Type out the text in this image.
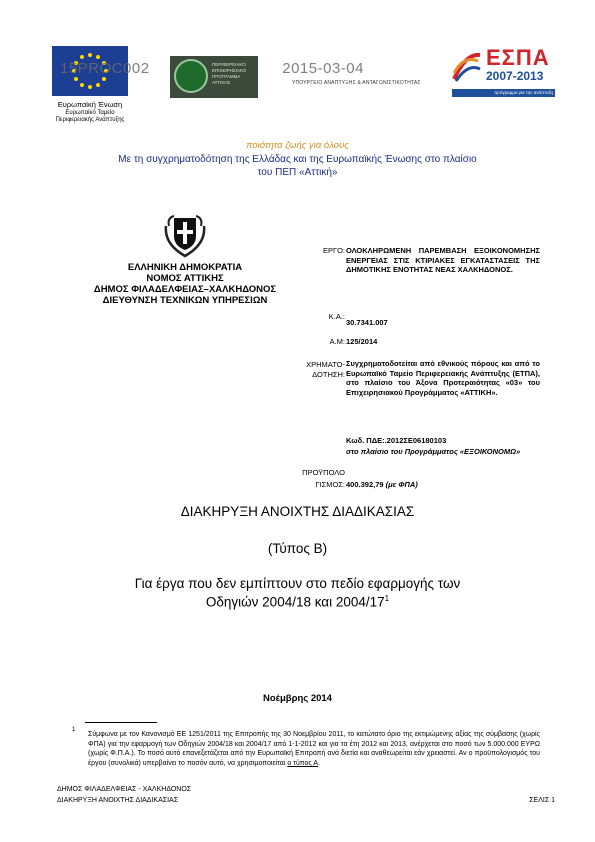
Ευρωπαϊκή Ένωση
Ευρωπαϊκό Ταμείο
Περιφερειακής Ανάπτυξης
ΠΕΡΙΦΕΡΕΙΑΚΟ ΕΠΙΧΕΙΡΗΣΙΑΚΟ ΠΡΟΓΡΑΜΜΑ ΑΤΤΙΚΗΣ	ΥΠΟΥΡΓΕΙΟ ΑΝΑΠΤΥΞΗΣ & ΑΝΤΑΓΩΝΙΣΤΙΚΟΤΗΤΑΣ
15PROC002	2015-03-04	ΕΣΠΑ
2007-2013
πρόγραμμα για την ανάπτυξη
ποιότητα ζωής για όλους
Με τη συγχρηματοδότηση της Ελλάδας και της Ευρωπαϊκής Ένωσης στο πλαίσιο
του ΠΕΠ «Αττική»
ΕΛΛΗΝΙΚΗ ΔΗΜΟΚΡΑΤΙΑ
ΝΟΜΟΣ ΑΤΤΙΚΗΣ
ΔΗΜΟΣ ΦΙΛΑΔΕΛΦΕΙΑΣ–ΧΑΛΚΗΔΟΝΟΣ
ΔΙΕΥΘΥΝΣΗ ΤΕΧΝΙΚΩΝ ΥΠΗΡΕΣΙΩΝ
ΕΡΓΟ: ΟΛΟΚΛΗΡΩΜΕΝΗ ΠΑΡΕΜΒΑΣΗ ΕΞΟΙΚΟΝΟΜΗΣΗΣ ΕΝΕΡΓΕΙΑΣ ΣΤΙΣ ΚΤΙΡΙΑΚΕΣ ΕΓΚΑΤΑΣΤΑΣΕΙΣ ΤΗΣ ΔΗΜΟΤΙΚΗΣ ΕΝΟΤΗΤΑΣ ΝΕΑΣ ΧΑΛΚΗΔΟΝΟΣ.
Κ.Α.:
30.7341.007
Α.Μ: 125/2014
ΧΡΗΜΑΤΟ-
ΔΟΤΗΣΗ:
Συγχρηματοδοτείται από εθνικούς πόρους και από το Ευρωπαϊκό Ταμείο Περιφερειακής Ανάπτυξης (ΕΤΠΑ), στο πλαίσιο του Άξονα Προτεραιότητας «03» του Επιχειρησιακού Προγράμματος «ΑΤΤΙΚΗ».
Κωδ. ΠΔΕ:.2012ΣΕ06180103
στο πλαίσιο του Προγράμματος «ΕΞΟΙΚΟΝΟΜΩ»
ΠΡΟΫΠΟΛΟ
ΓΙΣΜΟΣ: 400.392,79 (με ΦΠΑ)
ΔΙΑΚΗΡΥΞΗ ΑΝΟΙΧΤΗΣ ΔΙΑΔΙΚΑΣΙΑΣ
(Τύπος Β)
Για έργα που δεν εμπίπτουν στο πεδίο εφαρμογής των
Οδηγιών 2004/18 και $2004/17^1$
Νοέμβρης 2014
1
Σύμφωνα με τον Κανονισμό ΕΕ 1251/2011 της Επιτροπής της 30 Νοεμβρίου 2011, το κατώτατο όριο της εκτιμώμενης αξίας της σύμβασης (χωρίς ΦΠΑ) για την εφαρμογή των Οδηγιών 2004/18 και 2004/17 από 1-1-2012 και για τα έτη 2012 και 2013, ανέρχεται στο ποσό των 5.000.000 ΕΥΡΩ (χωρίς Φ.Π.Α.). Το ποσό αυτό επανεξετάζεται από την Ευρωπαϊκή Επιτροπή ανά διετία και αναθεωρείται εάν χρειαστεί. Αν ο προϋπολογισμός του έργου (συνολικά) υπερβαίνει το ποσόν αυτό, να χρησιμοποιείται ο τύπος Α.
ΔΗΜΟΣ ΦΙΛΑΔΕΛΦΕΙΑΣ - ΧΑΛΚΗΔΟΝΟΣ
ΔΙΑΚΗΡΥΞΗ ΑΝΟΙΧΤΗΣ ΔΙΑΔΙΚΑΣΙΑΣ	ΣΕΛΙΣ 1
